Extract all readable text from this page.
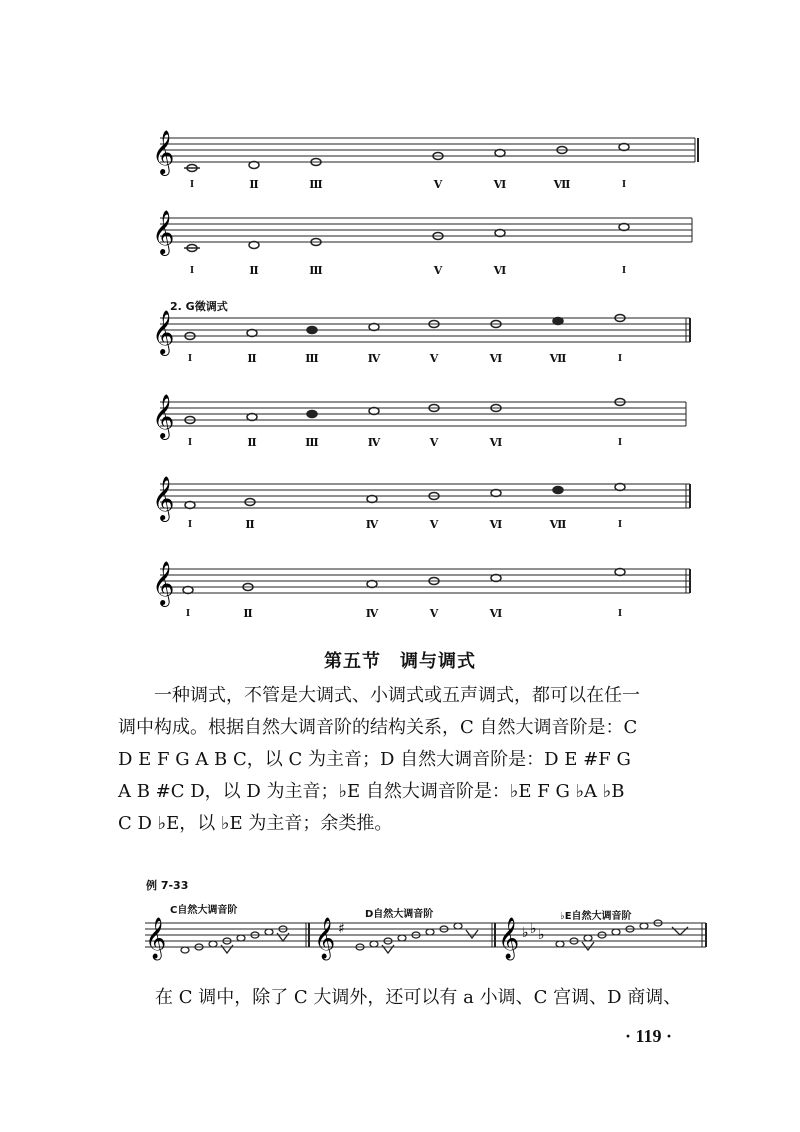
𝄞
I	Ⅱ	Ⅲ	Ⅴ	Ⅵ	Ⅶ	I
𝄞
I	Ⅱ	Ⅲ	Ⅴ	Ⅵ	I
2. G徵调式
𝄞
I	Ⅱ	Ⅲ	Ⅳ	Ⅴ	Ⅵ	Ⅶ	I
𝄞
I	Ⅱ	Ⅲ	Ⅳ	Ⅴ	Ⅵ	I
𝄞
I	Ⅱ	Ⅳ	Ⅴ	Ⅵ	Ⅶ	I
𝄞
I	Ⅱ	Ⅳ	Ⅴ	Ⅵ	I
第五节　调与调式

一种调式，不管是大调式、小调式或五声调式，都可以在任一

调中构成。根据自然大调音阶的结构关系，C 自然大调音阶是：C

D E F G A B C，以 C 为主音；D 自然大调音阶是：D E #F G

A B #C D，以 D 为主音；♭E 自然大调音阶是：♭E F G ♭A ♭B

C D ♭E，以 ♭E 为主音；余类推。

例 7-33
C自然大调音阶	D自然大调音阶	♭E自然大调音阶
𝄞	𝄞	𝄞
♯	♭ ♭ ♭
在 C 调中，除了 C 大调外，还可以有 a 小调、C 宫调、D 商调、
· 119 ·
